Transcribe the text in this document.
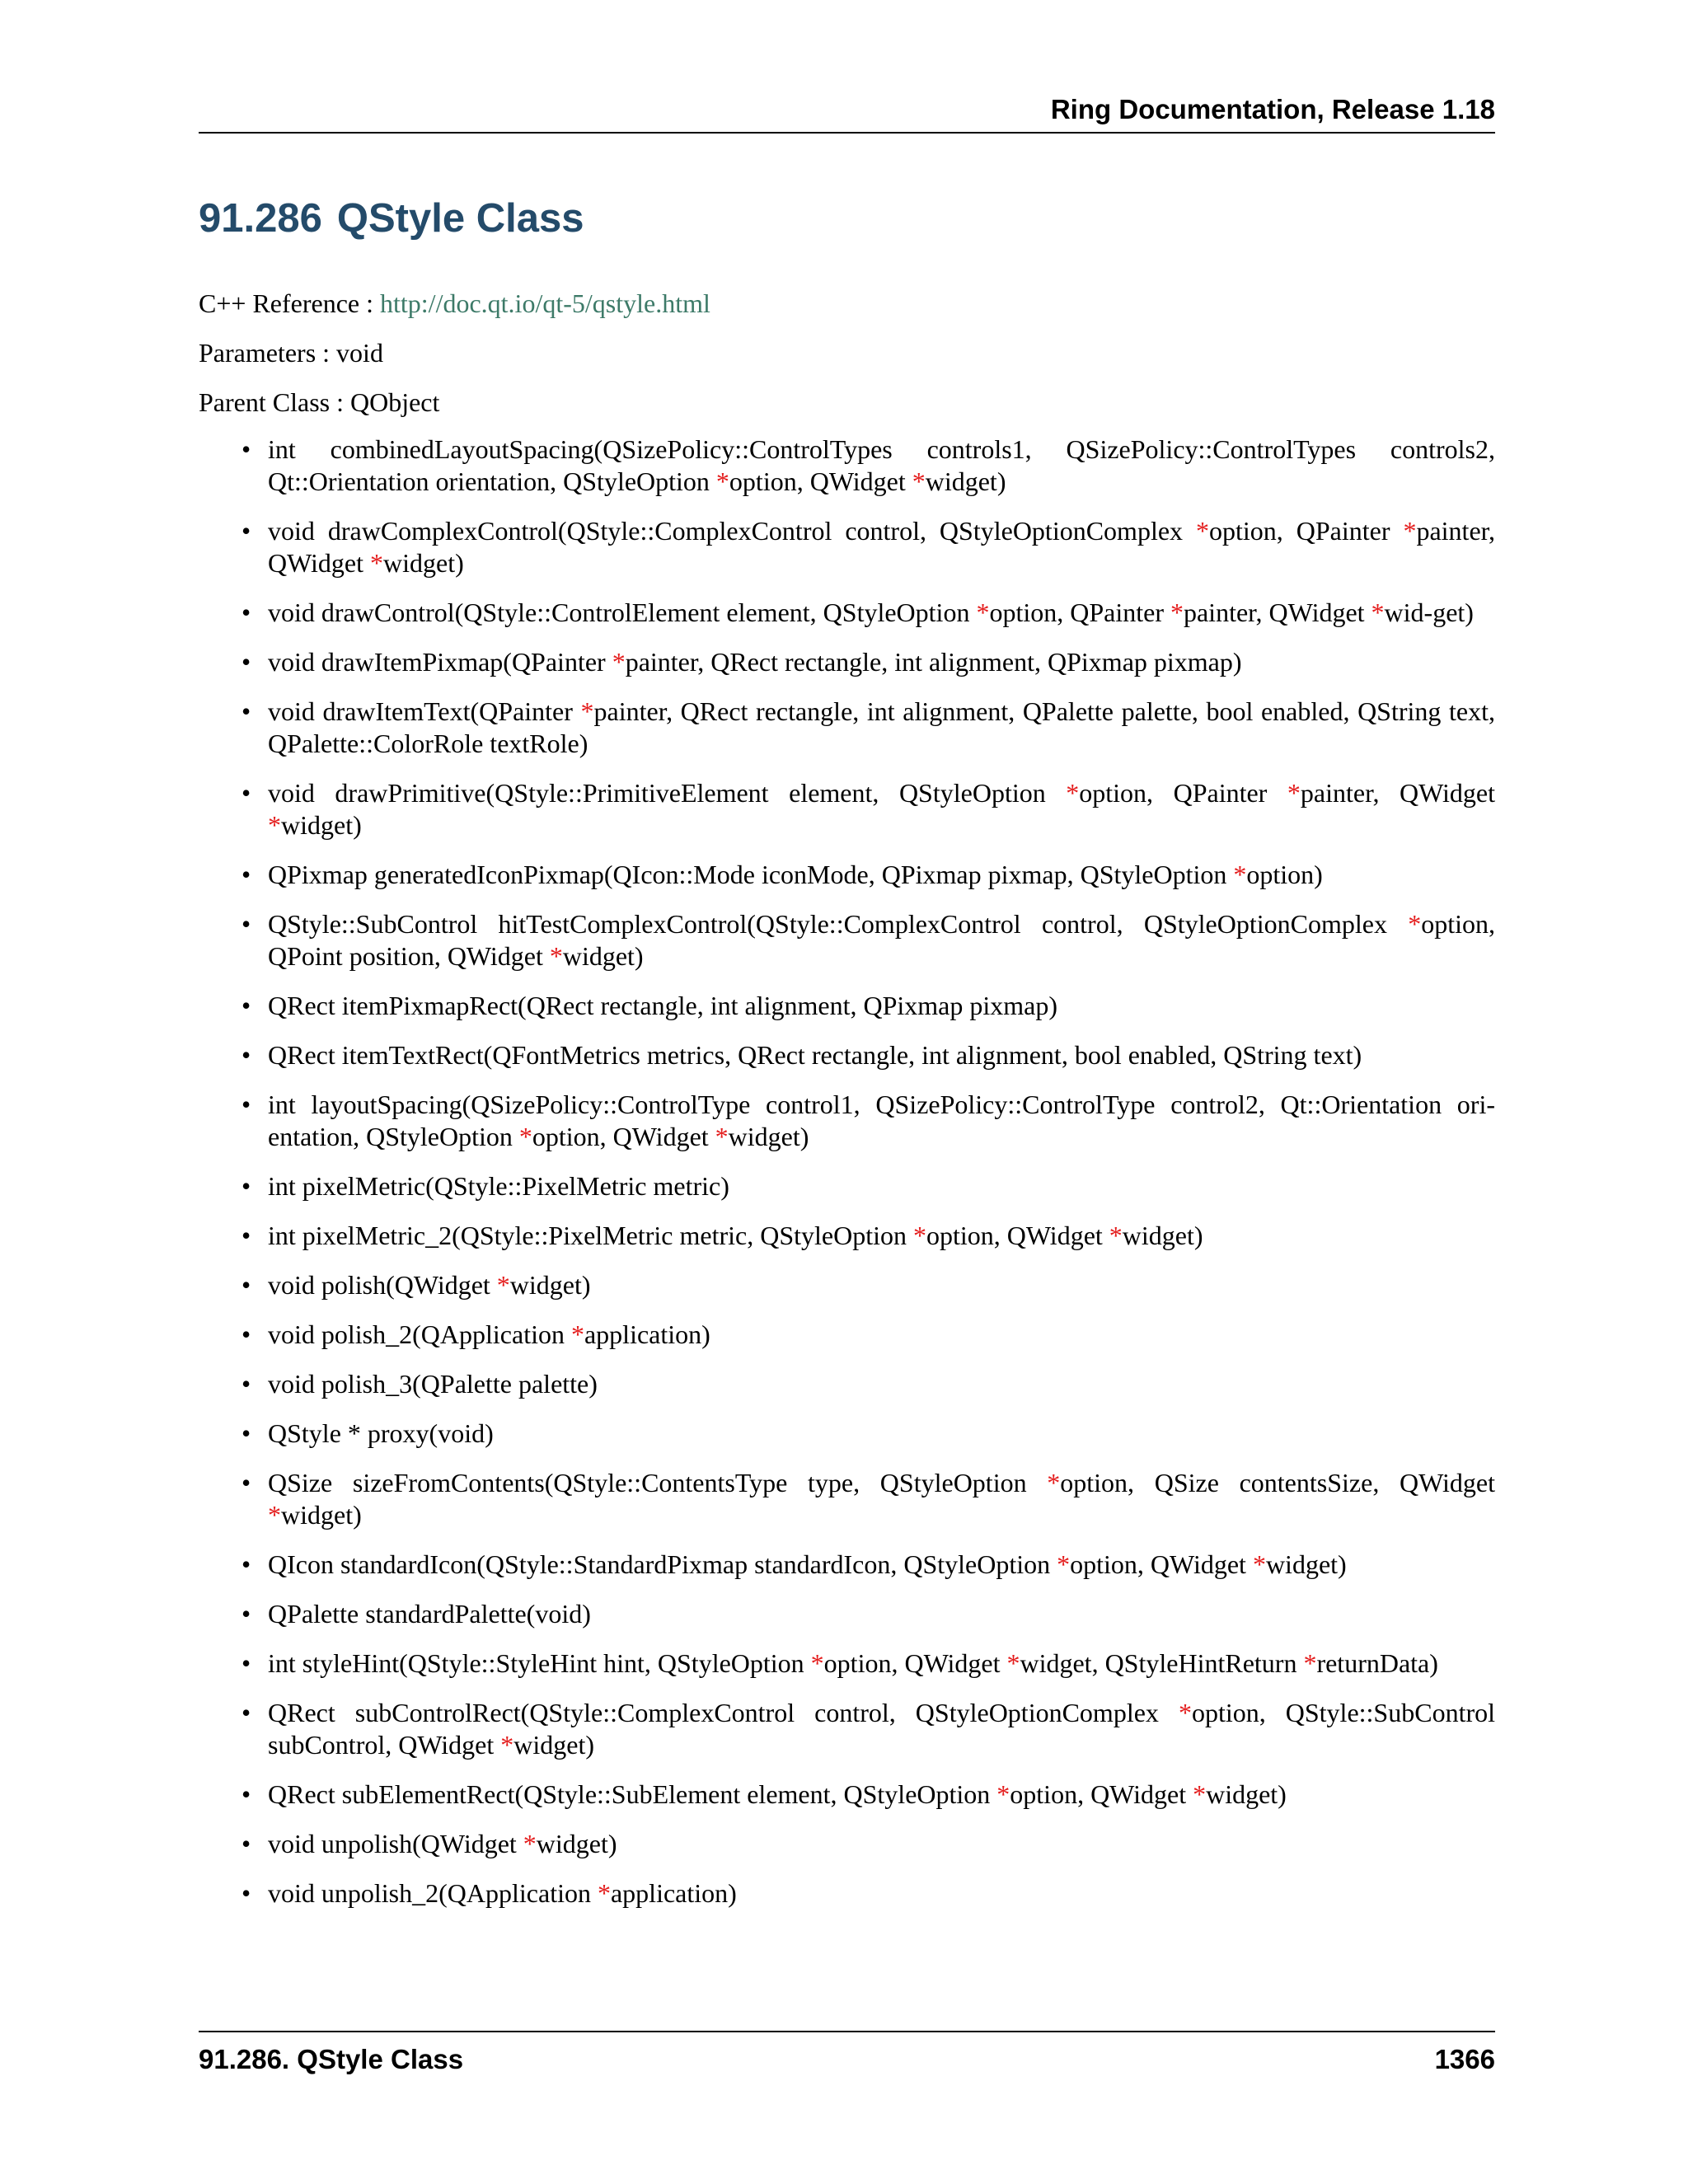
Ring Documentation, Release 1.18
91.286 QStyle Class

C++ Reference : http://doc.qt.io/qt-5/qstyle.html

Parameters : void

Parent Class : QObject

• int combinedLayoutSpacing(QSizePolicy::ControlTypes controls1, QSizePolicy::ControlTypes controls2, Qt::Orientation orientation, QStyleOption *option, QWidget *widget)
• void drawComplexControl(QStyle::ComplexControl control, QStyleOptionComplex *option, QPainter *painter, QWidget *widget)
• void drawControl(QStyle::ControlElement element, QStyleOption *option, QPainter *painter, QWidget *wid-get)
• void drawItemPixmap(QPainter *painter, QRect rectangle, int alignment, QPixmap pixmap)
• void drawItemText(QPainter *painter, QRect rectangle, int alignment, QPalette palette, bool enabled, QString text, QPalette::ColorRole textRole)
• void drawPrimitive(QStyle::PrimitiveElement element, QStyleOption *option, QPainter *painter, QWidget *widget)
• QPixmap generatedIconPixmap(QIcon::Mode iconMode, QPixmap pixmap, QStyleOption *option)
• QStyle::SubControl hitTestComplexControl(QStyle::ComplexControl control, QStyleOptionComplex *option, QPoint position, QWidget *widget)
• QRect itemPixmapRect(QRect rectangle, int alignment, QPixmap pixmap)
• QRect itemTextRect(QFontMetrics metrics, QRect rectangle, int alignment, bool enabled, QString text)
• int layoutSpacing(QSizePolicy::ControlType control1, QSizePolicy::ControlType control2, Qt::Orientation ori-entation, QStyleOption *option, QWidget *widget)
• int pixelMetric(QStyle::PixelMetric metric)
• int pixelMetric_2(QStyle::PixelMetric metric, QStyleOption *option, QWidget *widget)
• void polish(QWidget *widget)
• void polish_2(QApplication *application)
• void polish_3(QPalette palette)
• QStyle * proxy(void)
• QSize sizeFromContents(QStyle::ContentsType type, QStyleOption *option, QSize contentsSize, QWidget *widget)
• QIcon standardIcon(QStyle::StandardPixmap standardIcon, QStyleOption *option, QWidget *widget)
• QPalette standardPalette(void)
• int styleHint(QStyle::StyleHint hint, QStyleOption *option, QWidget *widget, QStyleHintReturn *returnData)
• QRect subControlRect(QStyle::ComplexControl control, QStyleOptionComplex *option, QStyle::SubControl subControl, QWidget *widget)
• QRect subElementRect(QStyle::SubElement element, QStyleOption *option, QWidget *widget)
• void unpolish(QWidget *widget)
• void unpolish_2(QApplication *application)
91.286. QStyle Class	1366
